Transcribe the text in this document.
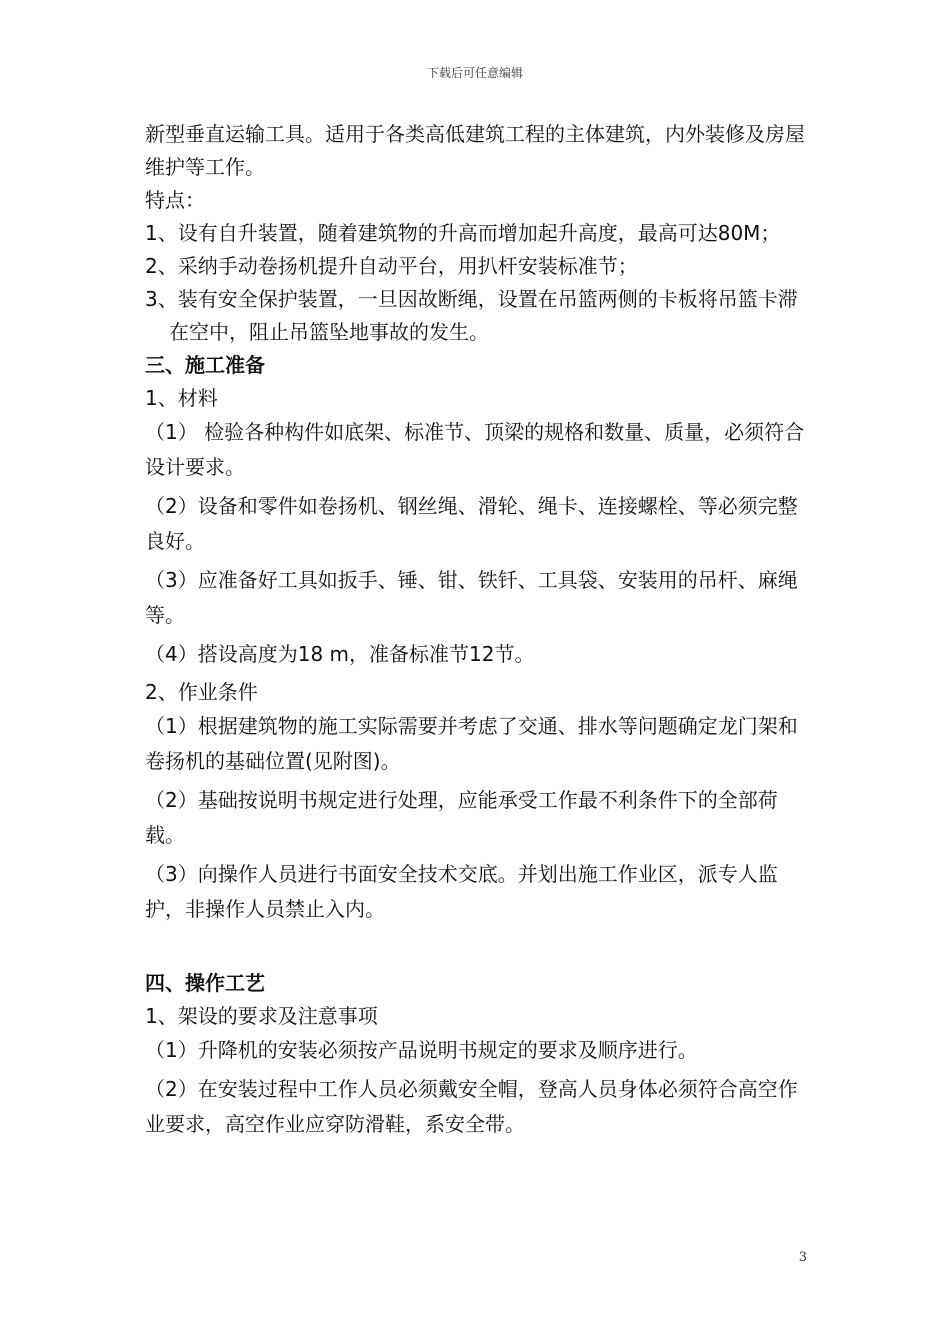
下载后可任意编辑

新型垂直运输工具。适用于各类高低建筑工程的主体建筑，内外装修及房屋维护等工作。

特点：

1、设有自升装置，随着建筑物的升高而增加起升高度，最高可达80M；

2、采纳手动卷扬机提升自动平台，用扒杆安装标准节；

3、装有安全保护装置，一旦因故断绳，设置在吊篮两侧的卡板将吊篮卡滞在空中，阻止吊篮坠地事故的发生。

三、施工准备

1、材料

（1） 检验各种构件如底架、标准节、顶梁的规格和数量、质量，必须符合设计要求。

（2）设备和零件如卷扬机、钢丝绳、滑轮、绳卡、连接螺栓、等必须完整良好。

（3）应准备好工具如扳手、锤、钳、铁钎、工具袋、安装用的吊杆、麻绳等。

（4）搭设高度为18 m，准备标准节12节。

2、作业条件

（1）根据建筑物的施工实际需要并考虑了交通、排水等问题确定龙门架和卷扬机的基础位置(见附图)。

（2）基础按说明书规定进行处理，应能承受工作最不利条件下的全部荷载。

（3）向操作人员进行书面安全技术交底。并划出施工作业区，派专人监护，非操作人员禁止入内。

四、操作工艺

1、架设的要求及注意事项

（1）升降机的安装必须按产品说明书规定的要求及顺序进行。

（2）在安装过程中工作人员必须戴安全帽，登高人员身体必须符合高空作业要求，高空作业应穿防滑鞋，系安全带。

3
